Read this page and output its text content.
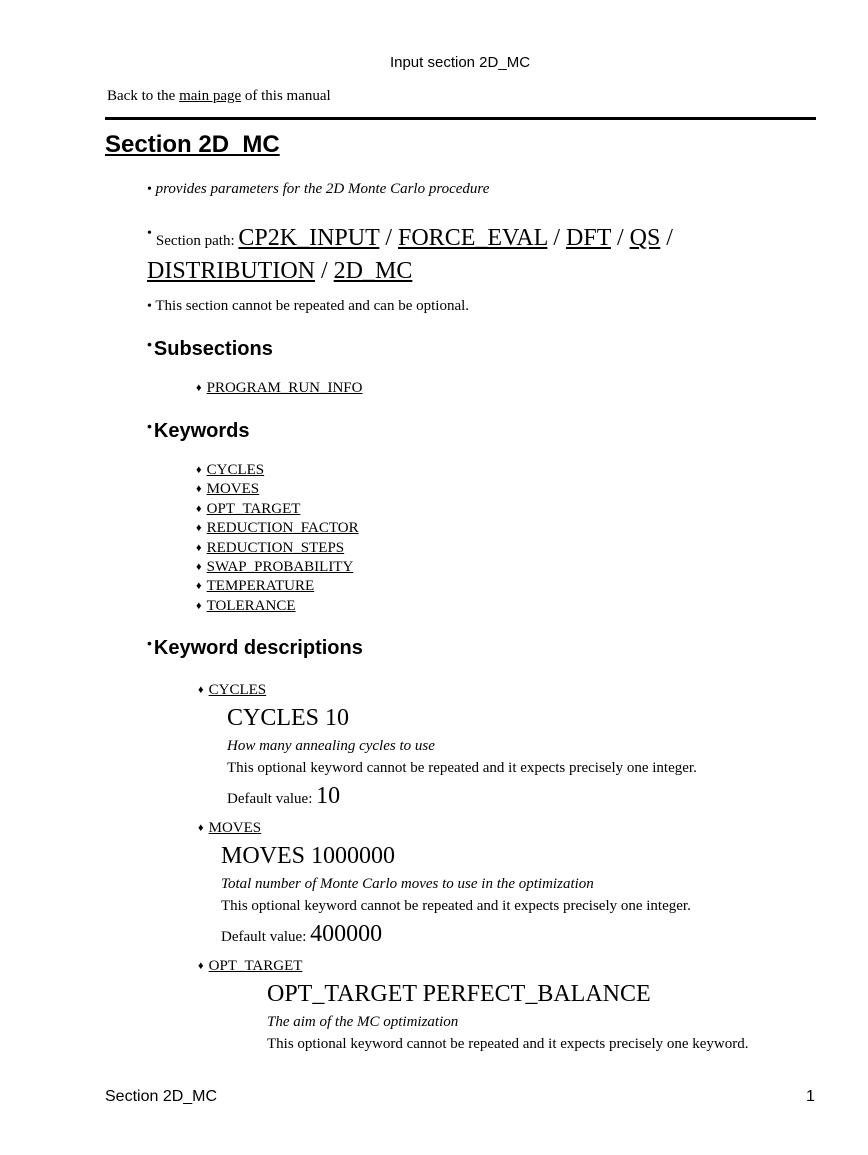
Input section 2D_MC
Back to the main page of this manual
Section 2D_MC
• provides parameters for the 2D Monte Carlo procedure
• Section path: CP2K_INPUT / FORCE_EVAL / DFT / QS / DISTRIBUTION / 2D_MC
• This section cannot be repeated and can be optional.
• Subsections
♦ PROGRAM_RUN_INFO
• Keywords
♦ CYCLES
♦ MOVES
♦ OPT_TARGET
♦ REDUCTION_FACTOR
♦ REDUCTION_STEPS
♦ SWAP_PROBABILITY
♦ TEMPERATURE
♦ TOLERANCE
• Keyword descriptions
♦ CYCLES
CYCLES 10
How many annealing cycles to use
This optional keyword cannot be repeated and it expects precisely one integer.
Default value: 10
♦ MOVES
MOVES 1000000
Total number of Monte Carlo moves to use in the optimization
This optional keyword cannot be repeated and it expects precisely one integer.
Default value: 400000
♦ OPT_TARGET
OPT_TARGET PERFECT_BALANCE
The aim of the MC optimization
This optional keyword cannot be repeated and it expects precisely one keyword.
Section 2D_MC	1
